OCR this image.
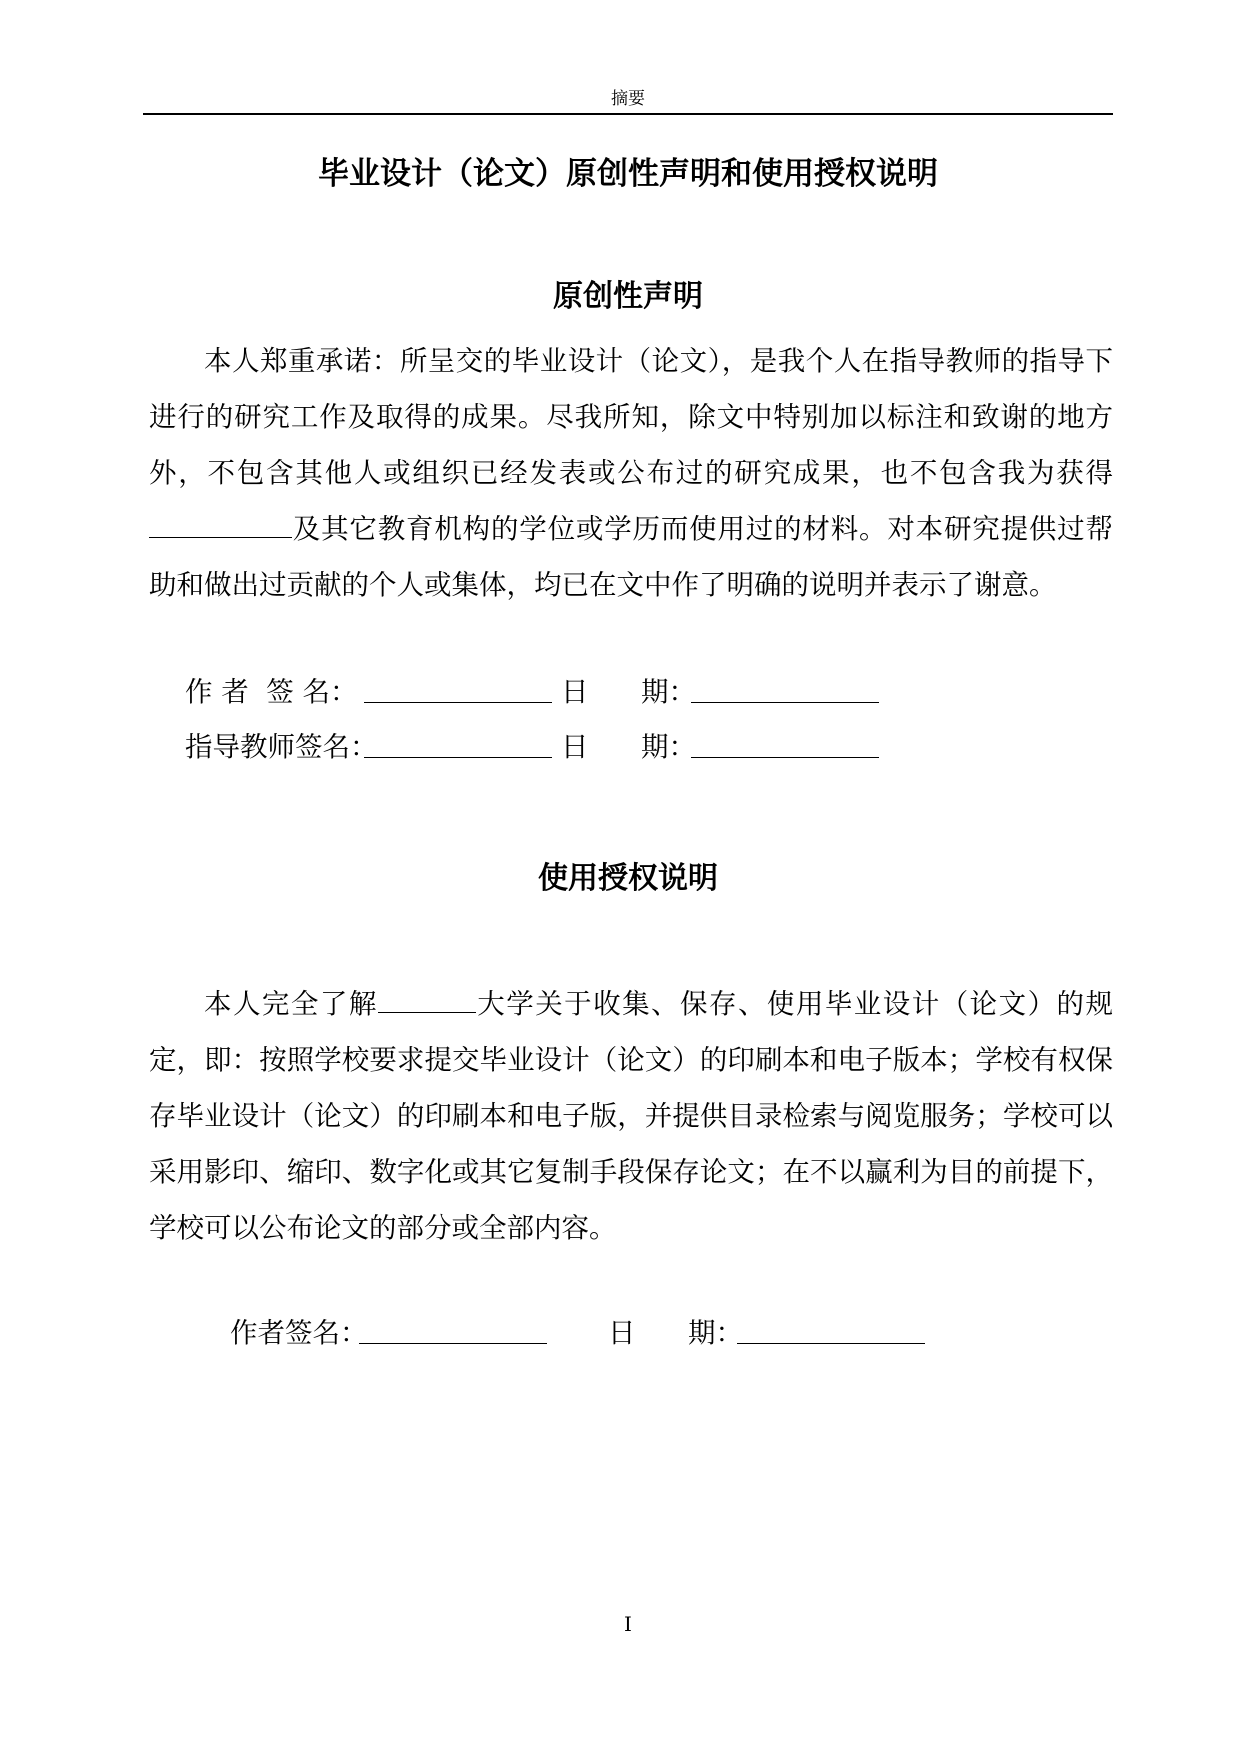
摘要
毕业设计（论文）原创性声明和使用授权说明
原创性声明

本人郑重承诺：所呈交的毕业设计（论文），是我个人在指导教师的指导下进行的研究工作及取得的成果。尽我所知，除文中特别加以标注和致谢的地方外，不包含其他人或组织已经发表或公布过的研究成果，也不包含我为获得及其它教育机构的学位或学历而使用过的材料。对本研究提供过帮助和做出过贡献的个人或集体，均已在文中作了明确的说明并表示了谢意。

作 者  签 名：	日      期：
指导教师签名：	日      期：
使用授权说明

本人完全了解	大学关于收集、保存、使用毕业设计（论文）的规定，即：按照学校要求提交毕业设计（论文）的印刷本和电子版本；学校有权保存毕业设计（论文）的印刷本和电子版，并提供目录检索与阅览服务；学校可以采用影印、缩印、数字化或其它复制手段保存论文；在不以赢利为目的前提下，学校可以公布论文的部分或全部内容。

作者签名：	日      期：
I
